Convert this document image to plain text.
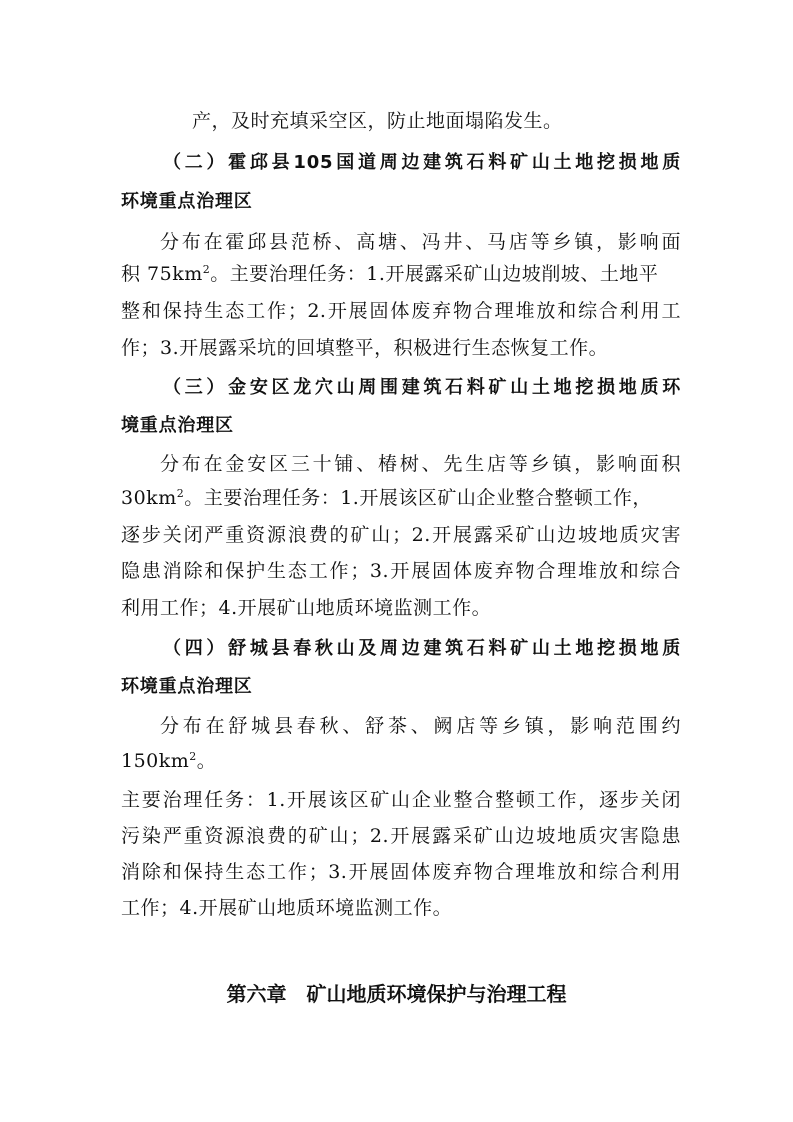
产，及时充填采空区，防止地面塌陷发生。
（二）霍邱县105国道周边建筑石料矿山土地挖损地质
环境重点治理区
分布在霍邱县范桥、高塘、冯井、马店等乡镇，影响面
积 $75km^2$。主要治理任务：1.开展露采矿山边坡削坡、土地平
整和保持生态工作；2.开展固体废弃物合理堆放和综合利用工
作；3.开展露采坑的回填整平，积极进行生态恢复工作。
（三）金安区龙穴山周围建筑石料矿山土地挖损地质环
境重点治理区
分布在金安区三十铺、椿树、先生店等乡镇，影响面积
$30km^2$。主要治理任务：1.开展该区矿山企业整合整顿工作，
逐步关闭严重资源浪费的矿山；2.开展露采矿山边坡地质灾害
隐患消除和保护生态工作；3.开展固体废弃物合理堆放和综合
利用工作；4.开展矿山地质环境监测工作。
（四）舒城县春秋山及周边建筑石料矿山土地挖损地质
环境重点治理区
分布在舒城县春秋、舒茶、阙店等乡镇，影响范围约
$150km^2$。
主要治理任务：1.开展该区矿山企业整合整顿工作，逐步关闭
污染严重资源浪费的矿山；2.开展露采矿山边坡地质灾害隐患
消除和保持生态工作；3.开展固体废弃物合理堆放和综合利用
工作；4.开展矿山地质环境监测工作。
第六章　矿山地质环境保护与治理工程
